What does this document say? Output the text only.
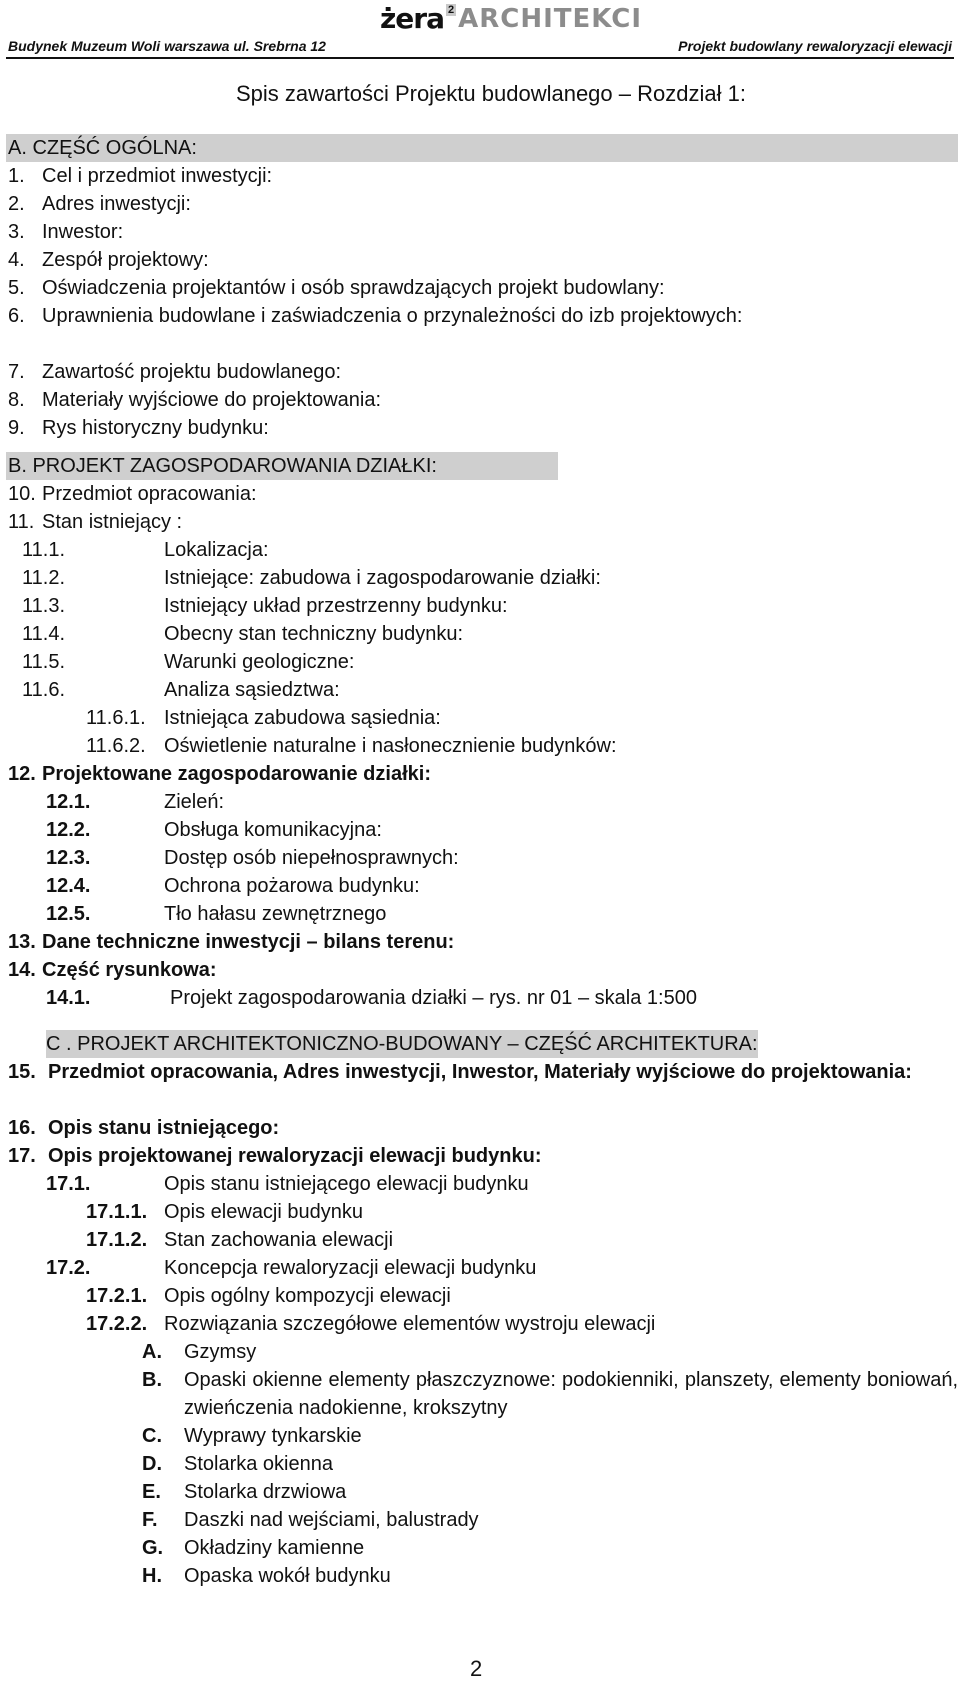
żera 2 ARCHITEKCI
Budynek Muzeum Woli warszawa ul. Srebrna 12	Projekt budowlany rewaloryzacji elewacji
Spis zawartości Projektu budowlanego – Rozdział 1:
A. CZĘŚĆ OGÓLNA:
1. Cel i przedmiot inwestycji:
2. Adres inwestycji:
3. Inwestor:
4. Zespół projektowy:
5. Oświadczenia projektantów i osób sprawdzających projekt budowlany:
6. Uprawnienia budowlane i zaświadczenia o przynależności do izb projektowych:
7. Zawartość projektu budowlanego:
8. Materiały wyjściowe do projektowania:
9. Rys historyczny budynku:
B. PROJEKT ZAGOSPODAROWANIA DZIAŁKI:
10. Przedmiot opracowania:
11. Stan istniejący :
11.1.	Lokalizacja:
11.2.	Istniejące: zabudowa i zagospodarowanie działki:
11.3.	Istniejący układ przestrzenny budynku:
11.4.	Obecny stan techniczny budynku:
11.5.	Warunki geologiczne:
11.6.	Analiza sąsiedztwa:
11.6.1. Istniejąca zabudowa sąsiednia:
11.6.2. Oświetlenie naturalne i nasłonecznienie budynków:
12. Projektowane zagospodarowanie działki:
12.1.	Zieleń:
12.2.	Obsługa komunikacyjna:
12.3.	Dostęp osób niepełnosprawnych:
12.4.	Ochrona pożarowa budynku:
12.5.	Tło hałasu zewnętrznego
13. Dane techniczne inwestycji – bilans terenu:
14. Część rysunkowa:
14.1.	Projekt zagospodarowania działki – rys. nr 01 – skala 1:500
C . PROJEKT ARCHITEKTONICZNO-BUDOWANY – CZĘŚĆ ARCHITEKTURA:
15. Przedmiot opracowania, Adres inwestycji, Inwestor, Materiały wyjściowe do projektowania:
16. Opis stanu istniejącego:
17. Opis projektowanej rewaloryzacji elewacji budynku:
17.1.	Opis stanu istniejącego elewacji budynku
17.1.1. Opis elewacji budynku
17.1.2. Stan zachowania elewacji
17.2.	Koncepcja rewaloryzacji elewacji budynku
17.2.1. Opis ogólny kompozycji elewacji
17.2.2. Rozwiązania szczegółowe elementów wystroju elewacji
A. Gzymsy
B. Opaski okienne elementy płaszczyznowe: podokienniki, planszety, elementy boniowań, zwieńczenia nadokienne, krokszytny
C. Wyprawy tynkarskie
D. Stolarka okienna
E. Stolarka drzwiowa
F. Daszki nad wejściami, balustrady
G. Okładziny kamienne
H. Opaska wokół budynku
2
